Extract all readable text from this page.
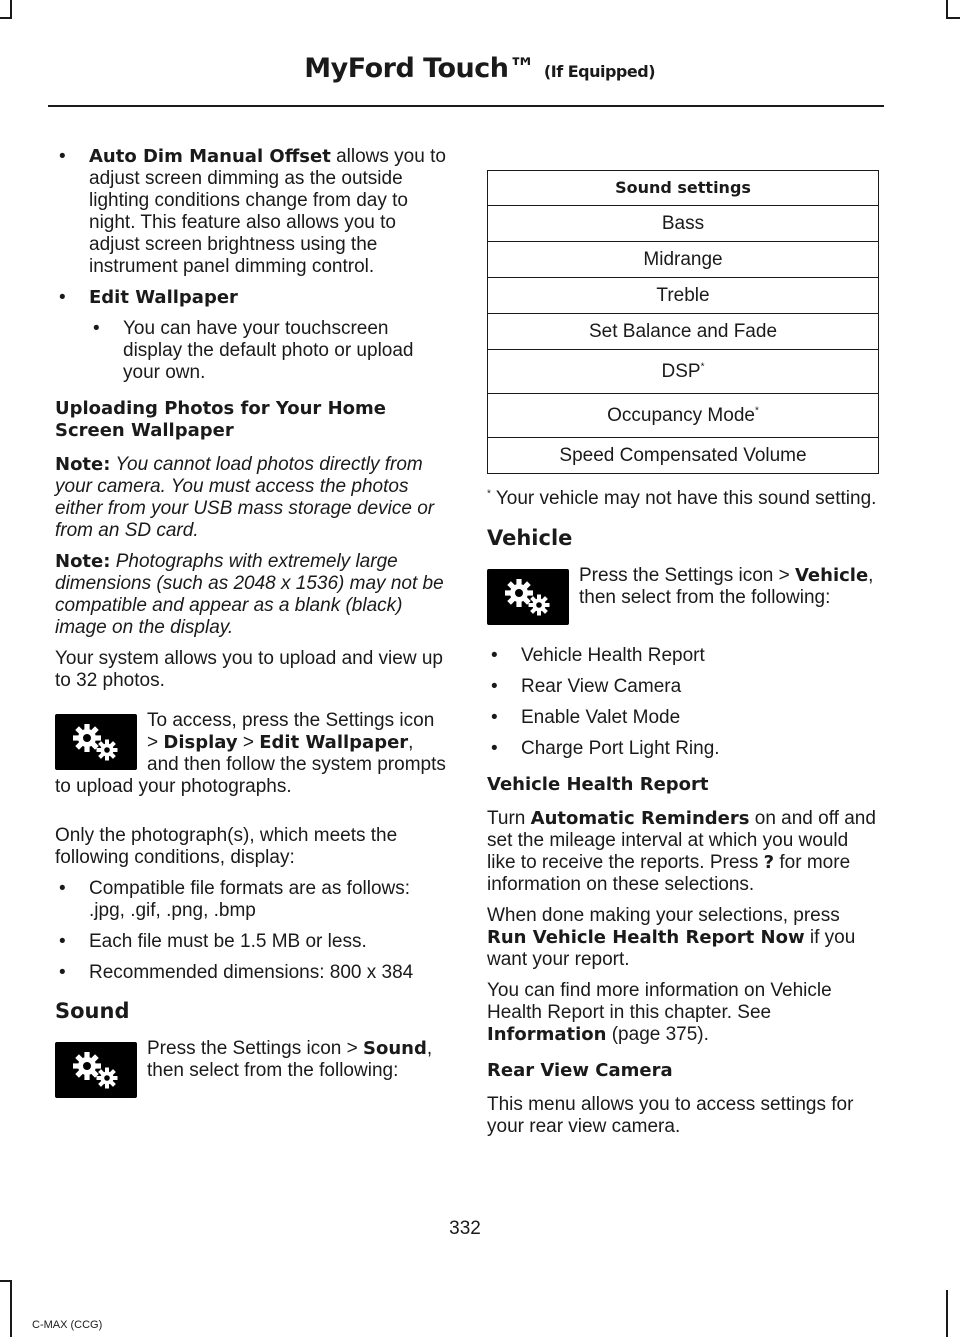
MyFord Touch™ (If Equipped)
• Auto Dim Manual Offset allows you to adjust screen dimming as the outside lighting conditions change from day to night. This feature also allows you to adjust screen brightness using the instrument panel dimming control.
• Edit Wallpaper
• You can have your touchscreen display the default photo or upload your own.
Uploading Photos for Your Home Screen Wallpaper

Note: You cannot load photos directly from your camera. You must access the photos either from your USB mass storage device or from an SD card.

Note: Photographs with extremely large dimensions (such as 2048 x 1536) may not be compatible and appear as a blank (black) image on the display.

Your system allows you to upload and view up to 32 photos.

To access, press the Settings icon > Display > Edit Wallpaper, and then follow the system prompts to upload your photographs.

Only the photograph(s), which meets the following conditions, display:

• Compatible file formats are as follows: .jpg, .gif, .png, .bmp
• Each file must be 1.5 MB or less.
• Recommended dimensions: 800 x 384
Sound

Press the Settings icon > Sound, then select from the following:

Sound settings
Bass
Midrange
Treble
Set Balance and Fade
DSP*
Occupancy Mode*
Speed Compensated Volume

* Your vehicle may not have this sound setting.

Vehicle

Press the Settings icon > Vehicle, then select from the following:

• Vehicle Health Report
• Rear View Camera
• Enable Valet Mode
• Charge Port Light Ring.
Vehicle Health Report

Turn Automatic Reminders on and off and set the mileage interval at which you would like to receive the reports. Press ? for more information on these selections.

When done making your selections, press Run Vehicle Health Report Now if you want your report.

You can find more information on Vehicle Health Report in this chapter. See Information (page 375).

Rear View Camera

This menu allows you to access settings for your rear view camera.

332
C-MAX (CCG)
